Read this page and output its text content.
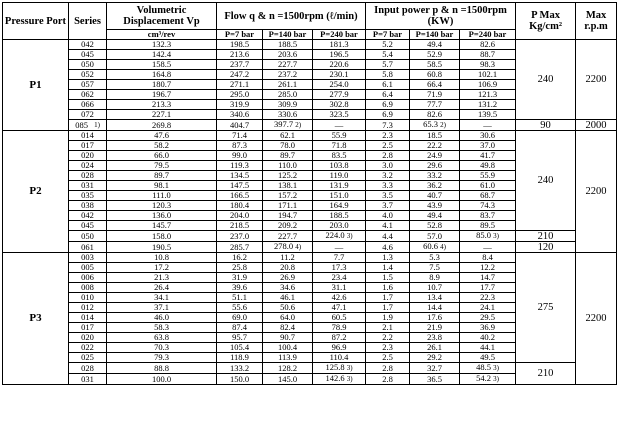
Pressure Port	Series	Volumetric Displacement Vp	Flow q & n =1500rpm (ℓ/min)			Input power p & n =1500rpm (KW)			P Max Kg/cm²	Max r.p.m
		cm³/rev	P=7 bar	P=140 bar	P=240 bar	P=7 bar	P=140 bar	P=240 bar		
P1	042	132.3	198.5	188.5	181.3	5.2	49.4	82.6	240	2200
	045	142.4	213.6	203.6	196.5	5.4	52.9	88.7		
	050	158.5	237.7	227.7	220.6	5.7	58.5	98.3		
	052	164.8	247.2	237.2	230.1	5.8	60.8	102.1		
	057	180.7	271.1	261.1	254.0	6.1	66.4	106.9		
	062	196.7	295.0	285.0	277.9	6.4	71.9	121.3		
	066	213.3	319.9	309.9	302.8	6.9	77.7	131.2		
	072	227.1	340.6	330.6	323.5	6.9	82.6	139.5		
	085 1)	269.8	404.7	397.7 2)	—	7.3	65.3 2)	—	90	2000
P2	014	47.6	71.4	62.1	55.9	2.3	18.5	30.6	240	2200
	017	58.2	87.3	78.0	71.8	2.5	22.2	37.0		
	020	66.0	99.0	89.7	83.5	2.8	24.9	41.7		
	024	79.5	119.3	110.0	103.8	3.0	29.6	49.8		
	028	89.7	134.5	125.2	119.0	3.2	33.2	55.9		
	031	98.1	147.5	138.1	131.9	3.3	36.2	61.0		
	035	111.0	166.5	157.2	151.0	3.5	40.7	68.7		
	038	120.3	180.4	171.1	164.9	3.7	43.9	74.3		
	042	136.0	204.0	194.7	188.5	4.0	49.4	83.7		
	045	145.7	218.5	209.2	203.0	4.1	52.8	89.5		
	050	158.0	237.0	227.7	224.0 3)	4.4	57.0	85.0 3)	210	
	061	190.5	285.7	278.0 4)	—	4.6	60.6 4)	—	120	
P3	003	10.8	16.2	11.2	7.7	1.3	5.3	8.4	275	2200
	005	17.2	25.8	20.8	17.3	1.4	7.5	12.2		
	006	21.3	31.9	26.9	23.4	1.5	8.9	14.7		
	008	26.4	39.6	34.6	31.1	1.6	10.7	17.7		
	010	34.1	51.1	46.1	42.6	1.7	13.4	22.3		
	012	37.1	55.6	50.6	47.1	1.7	14.4	24.1		
	014	46.0	69.0	64.0	60.5	1.9	17.6	29.5		
	017	58.3	87.4	82.4	78.9	2.1	21.9	36.9		
	020	63.8	95.7	90.7	87.2	2.2	23.8	40.2		
	022	70.3	105.4	100.4	96.9	2.3	26.1	44.1		
	025	79.3	118.9	113.9	110.4	2.5	29.2	49.5		
	028	88.8	133.2	128.2	125.8 3)	2.8	32.7	48.5 3)	210	
	031	100.0	150.0	145.0	142.6 3)	2.8	36.5	54.2 3)		
